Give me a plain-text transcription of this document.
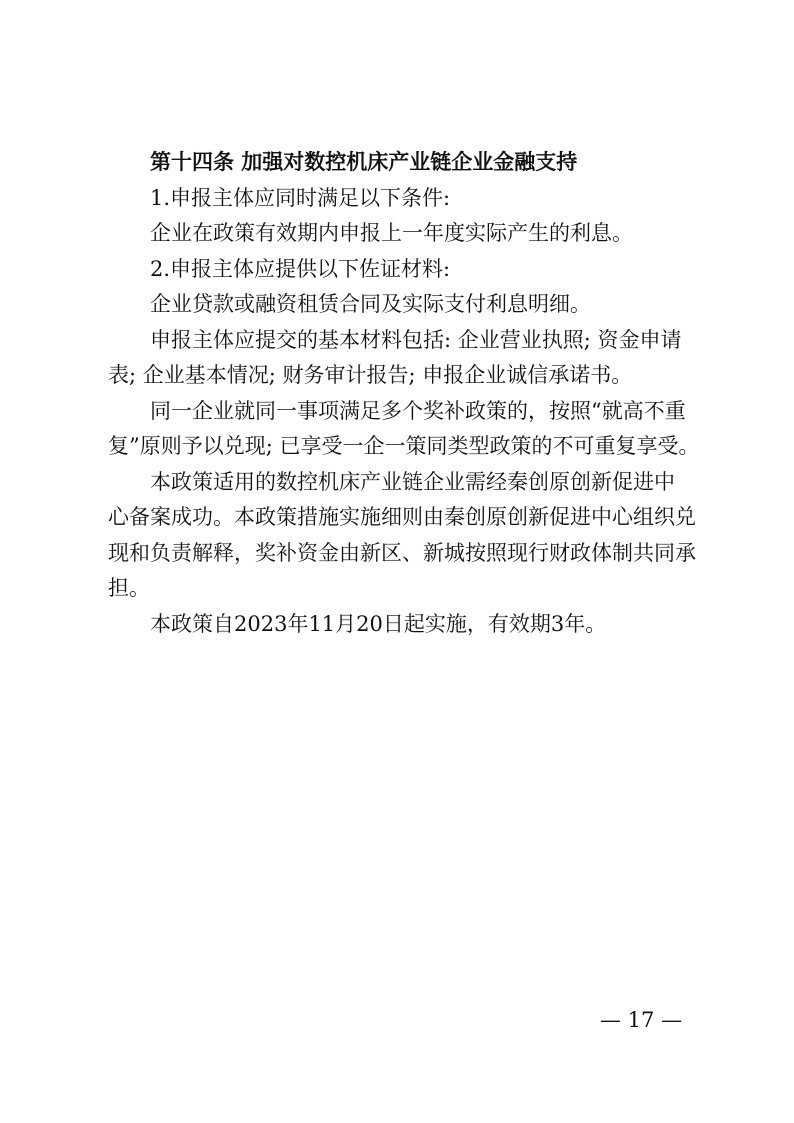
第十四条 加强对数控机床产业链企业金融支持

1.申报主体应同时满足以下条件:

企业在政策有效期内申报上一年度实际产生的利息。

2.申报主体应提供以下佐证材料:

企业贷款或融资租赁合同及实际支付利息明细。

申报主体应提交的基本材料包括: 企业营业执照; 资金申请

表; 企业基本情况; 财务审计报告; 申报企业诚信承诺书。

同一企业就同一事项满足多个奖补政策的，按照“就高不重

复”原则予以兑现; 已享受一企一策同类型政策的不可重复享受。

本政策适用的数控机床产业链企业需经秦创原创新促进中

心备案成功。本政策措施实施细则由秦创原创新促进中心组织兑

现和负责解释，奖补资金由新区、新城按照现行财政体制共同承

担。

本政策自2023年11月20日起实施，有效期3年。

— 17 —
